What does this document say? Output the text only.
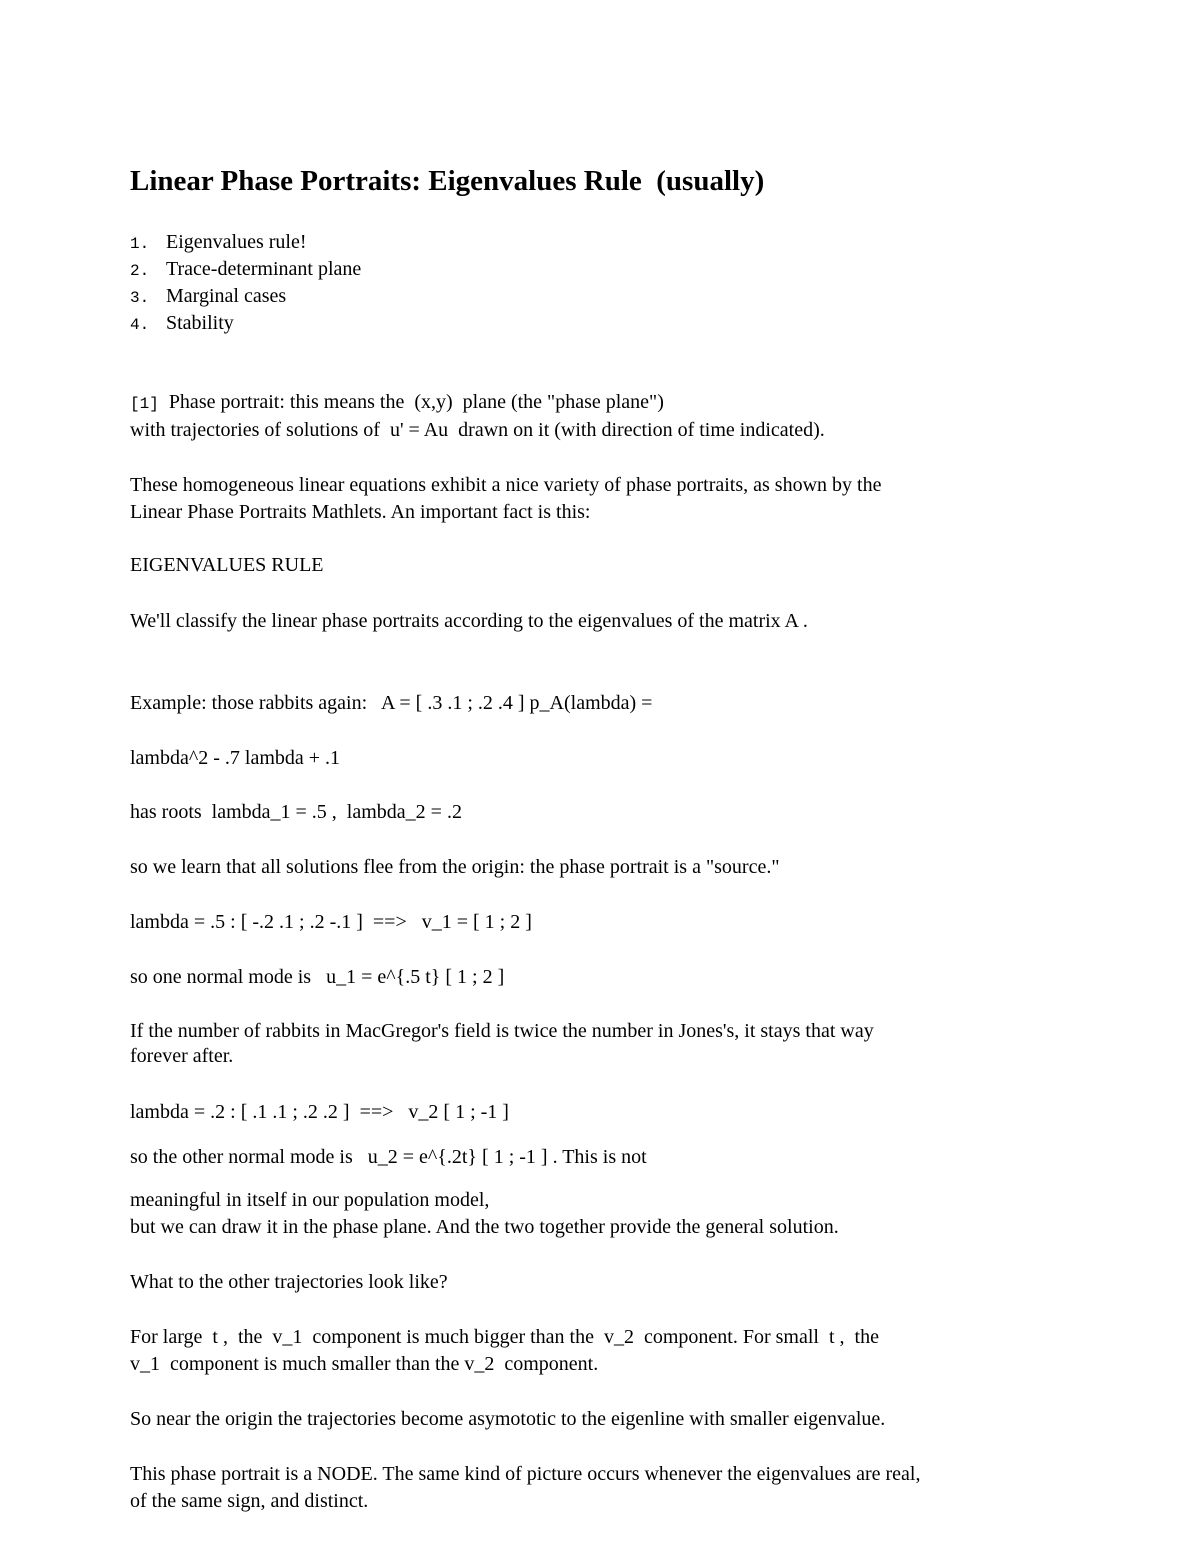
Linear Phase Portraits: Eigenvalues Rule  (usually)
1. Eigenvalues rule!
2. Trace-determinant plane
3. Marginal cases
4. Stability

[1]  Phase portrait: this means the  (x,y)  plane (the "phase plane")

with trajectories of solutions of  u' = Au  drawn on it (with direction of time indicated).

These homogeneous linear equations exhibit a nice variety of phase portraits, as shown by the

Linear Phase Portraits Mathlets. An important fact is this:

EIGENVALUES RULE

We'll classify the linear phase portraits according to the eigenvalues of the matrix A .

Example: those rabbits again:   A = [ .3 .1 ; .2 .4 ] p_A(lambda) =

lambda^2 - .7 lambda + .1

has roots  lambda_1 = .5 ,  lambda_2 = .2

so we learn that all solutions flee from the origin: the phase portrait is a "source."

lambda = .5 : [ -.2 .1 ; .2 -.1 ]  ==>   v_1 = [ 1 ; 2 ]

so one normal mode is   u_1 = e^{.5 t} [ 1 ; 2 ]

If the number of rabbits in MacGregor's field is twice the number in Jones's, it stays that way

forever after.

lambda = .2 : [ .1 .1 ; .2 .2 ]  ==>   v_2 [ 1 ; -1 ]

so the other normal mode is   u_2 = e^{.2t} [ 1 ; -1 ] . This is not

meaningful in itself in our population model,

but we can draw it in the phase plane. And the two together provide the general solution.

What to the other trajectories look like?

For large  t ,  the  v_1  component is much bigger than the  v_2  component. For small  t ,  the

v_1  component is much smaller than the v_2  component.

So near the origin the trajectories become asymototic to the eigenline with smaller eigenvalue.

This phase portrait is a NODE. The same kind of picture occurs whenever the eigenvalues are real,

of the same sign, and distinct.
